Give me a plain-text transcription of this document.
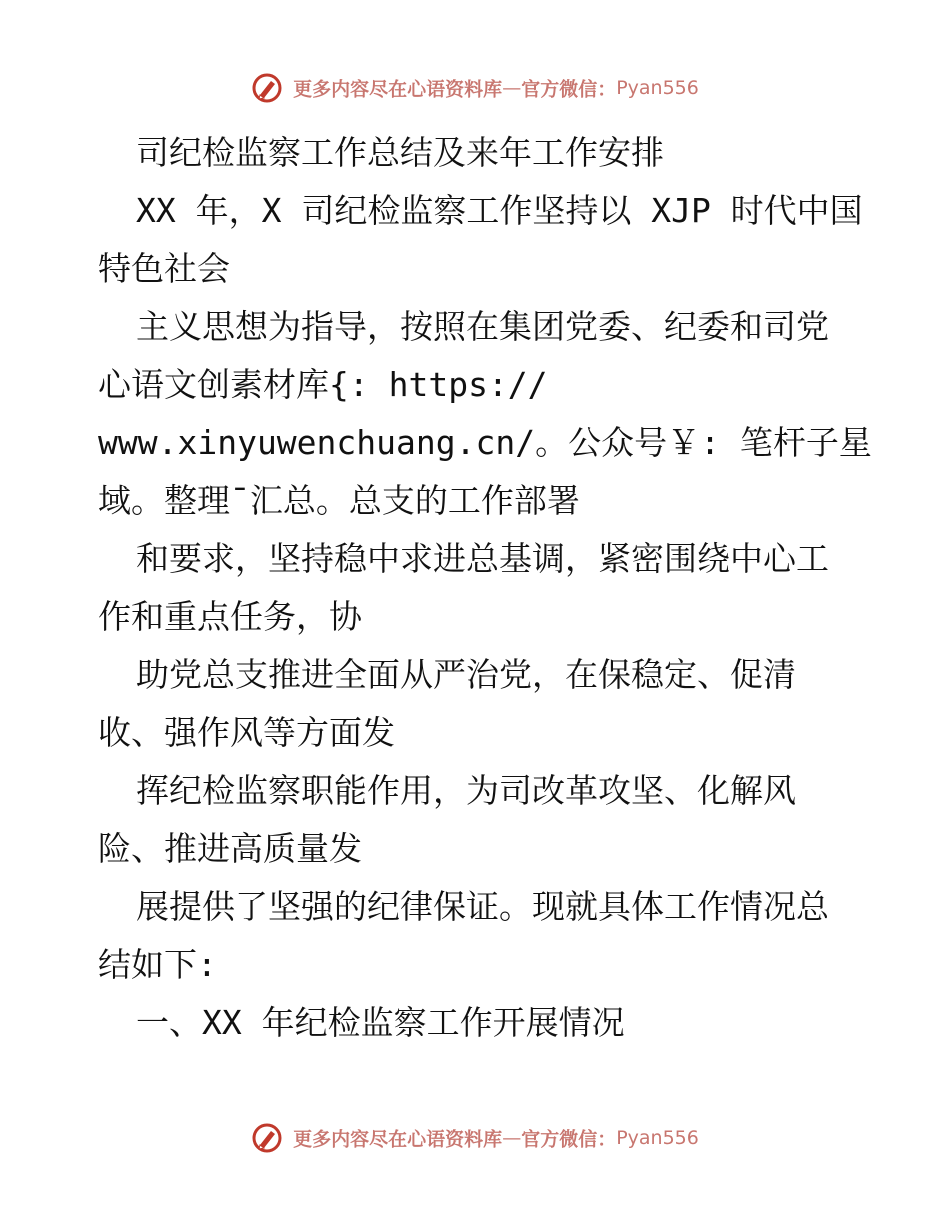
更多内容尽在心语资料库—官方微信：Pyan556
司纪检监察工作总结及来年工作安排
XX 年，X 司纪检监察工作坚持以 XJP 时代中国
特色社会
主义思想为指导，按照在集团党委、纪委和司党
心语文创素材库{: https://
www.xinyuwenchuang.cn/。公众号￥: 笔杆子星
域。整理¯汇总。总支的工作部署
和要求，坚持稳中求进总基调，紧密围绕中心工
作和重点任务，协
助党总支推进全面从严治党，在保稳定、促清
收、强作风等方面发
挥纪检监察职能作用，为司改革攻坚、化解风
险、推进高质量发
展提供了坚强的纪律保证。现就具体工作情况总
结如下:
一、XX 年纪检监察工作开展情况
更多内容尽在心语资料库—官方微信：Pyan556
